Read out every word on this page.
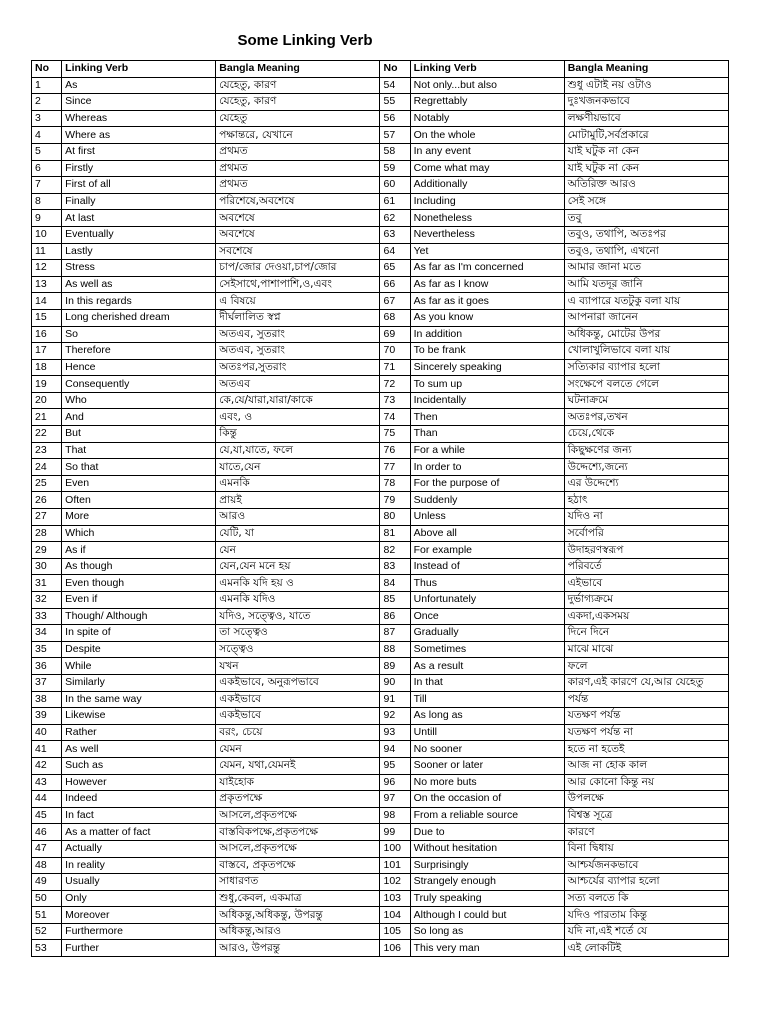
Some Linking Verb
No	Linking Verb	Bangla Meaning	No	Linking Verb	Bangla Meaning
1	As	যেহেতু, কারণ	54	Not only...but also	শুধু এটাই নয় ওটাও
2	Since	যেহেতু, কারণ	55	Regrettably	দুঃখজনকভাবে
3	Whereas	যেহেতু	56	Notably	লক্ষণীয়ভাবে
4	Where as	পক্ষান্তরে, যেখানে	57	On the whole	মোটামুটি,সর্বপ্রকারে
5	At first	প্রথমত	58	In any event	যাই ঘটুক না কেন
6	Firstly	প্রথমত	59	Come what may	যাই ঘটুক না কেন
7	First of all	প্রথমত	60	Additionally	অতিরিক্ত আরও
8	Finally	পরিশেষে,অবশেষে	61	Including	সেই সঙ্গে
9	At last	অবশেষে	62	Nonetheless	তবু
10	Eventually	অবশেষে	63	Nevertheless	তবুও, তথাপি, অতঃপর
11	Lastly	সবশেষে	64	Yet	তবুও, তথাপি, এখনো
12	Stress	চাপ/জোর দেওয়া,চাপ/জোর	65	As far as I'm concerned	আমার জানা মতে
13	As well as	সেইসাথে,পাশাপাশি,ও,এবং	66	As far as I know	আমি যতদূর জানি
14	In this regards	এ বিষয়ে	67	As far as it goes	এ ব্যাপারে যতটুকু বলা যায়
15	Long cherished dream	দীর্ঘলালিত স্বপ্ন	68	As you know	আপনারা জানেন
16	So	অতএব, সুতরাং	69	In addition	অধিকন্তু, মোটের উপর
17	Therefore	অতএব, সুতরাং	70	To be frank	খোলাখুলিভাবে বলা যায়
18	Hence	অতঃপর,সুতরাং	71	Sincerely speaking	সত্যিকার ব্যাপার হলো
19	Consequently	অতএব	72	To sum up	সংক্ষেপে বলতে গেলে
20	Who	কে,যে/যারা,যারা/কাকে	73	Incidentally	ঘটনাক্রমে
21	And	এবং, ও	74	Then	অতঃপর,তখন
22	But	কিন্তু	75	Than	চেয়ে,থেকে
23	That	যে,যা,যাতে, ফলে	76	For a while	কিছুক্ষণের জন্য
24	So that	যাতে,যেন	77	In order to	উদ্দেশ্যে,জন্যে
25	Even	এমনকি	78	For the purpose of	এর উদ্দেশ্যে
26	Often	প্রায়ই	79	Suddenly	হঠাৎ
27	More	আরও	80	Unless	যদিও না
28	Which	যেটি, যা	81	Above all	সর্বোপরি
29	As if	যেন	82	For example	উদাহরণস্বরূপ
30	As though	যেন,যেন মনে হয়	83	Instead of	পরিবর্তে
31	Even though	এমনকি যদি হয় ও	84	Thus	এইভাবে
32	Even if	এমনকি যদিও	85	Unfortunately	দুর্ভাগ্যক্রমে
33	Though/ Although	যদিও, সত্ত্বেও, যাতে	86	Once	একদা,একসময়
34	In spite of	তা সত্ত্বেও	87	Gradually	দিনে দিনে
35	Despite	সত্ত্বেও	88	Sometimes	মাঝে মাঝে
36	While	যখন	89	As a result	ফলে
37	Similarly	একইভাবে, অনুরূপভাবে	90	In that	কারণ,এই কারণে যে,আর যেহেতু
38	In the same way	একইভাবে	91	Till	পর্যন্ত
39	Likewise	একইভাবে	92	As long as	যতক্ষণ পর্যন্ত
40	Rather	বরং, চেয়ে	93	Untill	যতক্ষণ পর্যন্ত না
41	As well	যেমন	94	No sooner	হতে না হতেই
42	Such as	যেমন, যথা,যেমনই	95	Sooner or later	আজ না হোক কাল
43	However	যাইহোক	96	No more buts	আর কোনো কিন্তু নয়
44	Indeed	প্রকৃতপক্ষে	97	On the occasion of	উপলক্ষে
45	In fact	আসলে,প্রকৃতপক্ষে	98	From a reliable source	বিশ্বস্ত সূত্রে
46	As a matter of fact	বাস্তবিকপক্ষে,প্রকৃতপক্ষে	99	Due to	কারণে
47	Actually	আসলে,প্রকৃতপক্ষে	100	Without hesitation	বিনা দ্বিধায়
48	In reality	বাস্তবে, প্রকৃতপক্ষে	101	Surprisingly	আশ্চর্যজনকভাবে
49	Usually	সাধারণত	102	Strangely enough	আশ্চর্যের ব্যাপার হলো
50	Only	শুধু,কেবল, একমাত্র	103	Truly speaking	সত্য বলতে কি
51	Moreover	অধিকন্তু,অধিকন্তু, উপরন্তু	104	Although I could but	যদিও পারতাম কিন্তু
52	Furthermore	অধিকন্তু,আরও	105	So long as	যদি না,এই শর্তে যে
53	Further	আরও, উপরন্তু	106	This very man	এই লোকটিই
